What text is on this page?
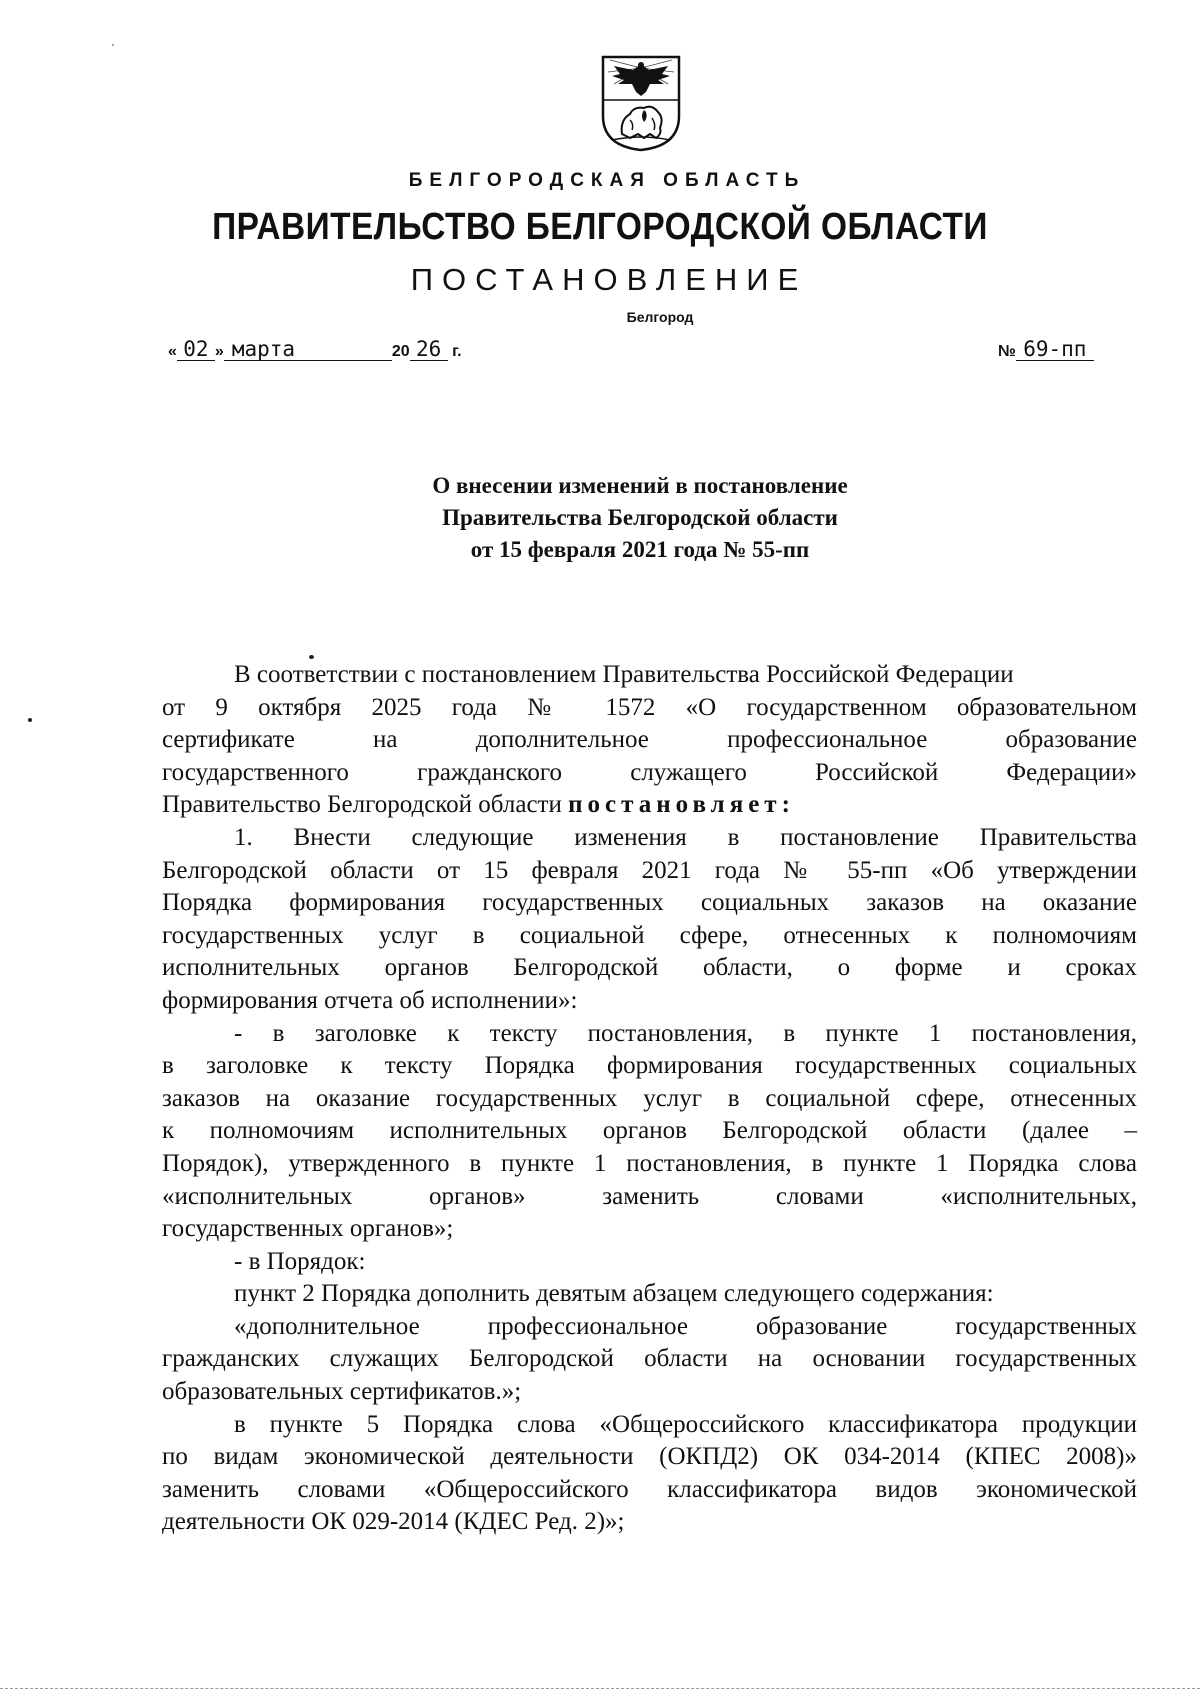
БЕЛГОРОДСКАЯ ОБЛАСТЬ
ПРАВИТЕЛЬСТВО БЕЛГОРОДСКОЙ ОБЛАСТИ
ПОСТАНОВЛЕНИЕ
Белгород
« 02 » марта	20 26 г.	№ 69-пп
О внесении изменений в постановление
Правительства Белгородской области
от 15 февраля 2021 года № 55-пп
В соответствии с постановлением Правительства Российской Федерации
от 9 октября 2025 года № 1572 «О государственном образовательном
сертификате на дополнительное профессиональное образование
государственного гражданского служащего Российской Федерации»
Правительство Белгородской области постановляет:
1. Внести следующие изменения в постановление Правительства
Белгородской области от 15 февраля 2021 года № 55-пп «Об утверждении
Порядка формирования государственных социальных заказов на оказание
государственных услуг в социальной сфере, отнесенных к полномочиям
исполнительных органов Белгородской области, о форме и сроках
формирования отчета об исполнении»:
- в заголовке к тексту постановления, в пункте 1 постановления,
в заголовке к тексту Порядка формирования государственных социальных
заказов на оказание государственных услуг в социальной сфере, отнесенных
к полномочиям исполнительных органов Белгородской области (далее –
Порядок), утвержденного в пункте 1 постановления, в пункте 1 Порядка слова
«исполнительных органов» заменить словами «исполнительных,
государственных органов»;
- в Порядок:
пункт 2 Порядка дополнить девятым абзацем следующего содержания:
«дополнительное профессиональное образование государственных
гражданских служащих Белгородской области на основании государственных
образовательных сертификатов.»;
в пункте 5 Порядка слова «Общероссийского классификатора продукции
по видам экономической деятельности (ОКПД2) ОК 034-2014 (КПЕС 2008)»
заменить словами «Общероссийского классификатора видов экономической
деятельности ОК 029-2014 (КДЕС Ред. 2)»;
